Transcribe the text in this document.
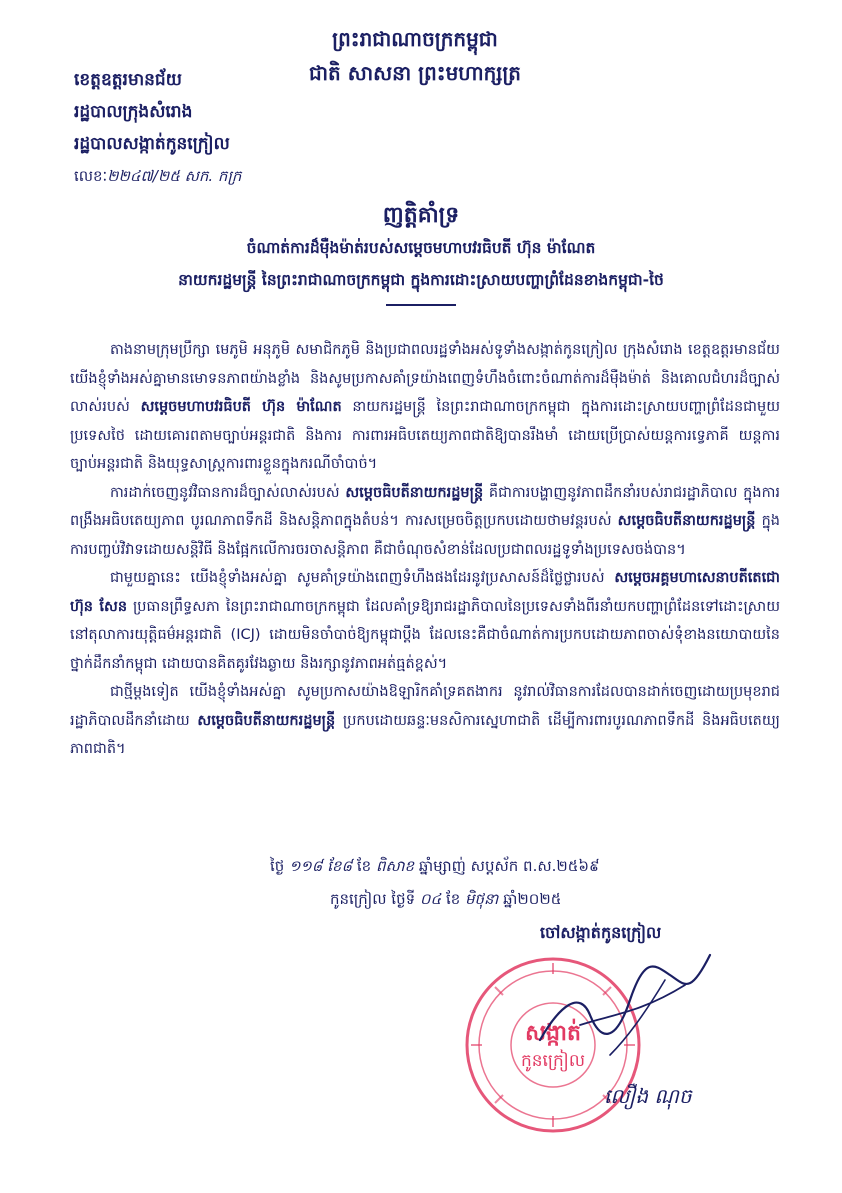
ព្រះរាជាណាចក្រកម្ពុជា
ជាតិ សាសនា ព្រះមហាក្សត្រ
ខេត្តឧត្តរមានជ័យ
រដ្ឋបាលក្រុងសំរោង
រដ្ឋបាលសង្កាត់កូនក្រៀល
លេខៈ២២៤៧/២៥ សក. កក្រ
ញត្តិគាំទ្រ
ចំណាត់ការដ៏មុឺងម៉ាត់របស់សម្តេចមហាបវរធិបតី ហ៊ុន ម៉ាណែត
នាយករដ្ឋមន្ត្រី នៃព្រះរាជាណាចក្រកម្ពុជា ក្នុងការដោះស្រាយបញ្ហាព្រំដែនខាងកម្ពុជា-ថៃ

តាងនាមក្រុមប្រឹក្សា មេភូមិ អនុភូមិ សមាជិកភូមិ និងប្រជាពលរដ្ឋទាំងអស់ទូទាំងសង្កាត់កូនក្រៀល ក្រុងសំរោង ខេត្តឧត្តរមានជ័យ យើងខ្ញុំទាំងអស់គ្នាមានមោទនភាពយ៉ាងខ្លាំង និងសូមប្រកាសគាំទ្រយ៉ាងពេញទំហឹងចំពោះចំណាត់ការដ៏មុឺងម៉ាត់ និងគោលជំហរដ៏ច្បាស់លាស់របស់ សម្តេចមហាបវរធិបតី ហ៊ុន ម៉ាណែត នាយករដ្ឋមន្ត្រី នៃព្រះរាជាណាចក្រកម្ពុជា ក្នុងការដោះស្រាយបញ្ហាព្រំដែនជាមួយប្រទេសថៃ ដោយគោរពតាមច្បាប់អន្តរជាតិ និងការ ការពារអធិបតេយ្យភាពជាតិឱ្យបានរឹងមាំ ដោយប្រើប្រាស់យន្តការទ្វេភាគី យន្តការច្បាប់អន្តរជាតិ និងយុទ្ធសាស្ត្រការពារខ្លួនក្នុងករណីចាំបាច់។

ការដាក់ចេញនូវវិធានការដ៏ច្បាស់លាស់របស់ សម្តេចធិបតីនាយករដ្ឋមន្ត្រី គឺជាការបង្ហាញនូវភាពដឹកនាំរបស់រាជរដ្ឋាភិបាល ក្នុងការពង្រឹងអធិបតេយ្យភាព បូរណភាពទឹកដី និងសន្តិភាពក្នុងតំបន់។ ការសម្រេចចិត្តប្រកបដោយថាមវន្តរបស់ សម្តេចធិបតីនាយករដ្ឋមន្ត្រី ក្នុងការបញ្ចប់វិវាទដោយសន្តិវិធី និងផ្អែកលើការចរចាសន្តិភាព គឺជាចំណុចសំខាន់ដែលប្រជាពលរដ្ឋទូទាំងប្រទេសចង់បាន។

ជាមួយគ្នានេះ យើងខ្ញុំទាំងអស់គ្នា សូមគាំទ្រយ៉ាងពេញទំហឹងផងដែរនូវប្រសាសន៍ដ៏ថ្លៃថ្លារបស់ សម្តេចអគ្គមហាសេនាបតីតេជោ ហ៊ុន សែន ប្រធានព្រឹទ្ធសភា នៃព្រះរាជាណាចក្រកម្ពុជា ដែលគាំទ្រឱ្យរាជរដ្ឋាភិបាលនៃប្រទេសទាំងពីរនាំយកបញ្ហាព្រំដែនទៅដោះស្រាយនៅតុលាការយុត្តិធម៌អន្តរជាតិ (ICJ) ដោយមិនចាំបាច់ឱ្យកម្ពុជាប្តឹង ដែលនេះគឺជាចំណាត់ការប្រកបដោយភាពចាស់ទុំខាងនយោបាយនៃថ្នាក់ដឹកនាំកម្ពុជា ដោយបានគិតគូរវែងឆ្ងាយ និងរក្សានូវភាពអត់ធ្មត់ខ្ពស់។

ជាថ្មីម្តងទៀត យើងខ្ញុំទាំងអស់គ្នា សូមប្រកាសយ៉ាងឱឡារិកគាំទ្រគតងាករ នូវរាល់វិធានការដែលបានដាក់ចេញដោយប្រមុខរាជរដ្ឋាភិបាលដឹកនាំដោយ សម្តេចធិបតីនាយករដ្ឋមន្ត្រី ប្រកបដោយឆន្ទៈមនសិការស្នេហាជាតិ ដើម្បីការពារបូរណភាពទឹកដី និងអធិបតេយ្យភាពជាតិ។

ថ្ងៃ ១១៨ ខែ៨ ខែ ពិសាខ ឆ្នាំម្សាញ់ សប្តស័ក ព.ស.២៥៦៩
កូនក្រៀល ថ្ងៃទី ០៤ ខែ មិថុនា ឆ្នាំ២០២៥
ចៅសង្កាត់កូនក្រៀល
សង្កាត់
កូនក្រៀល
លឿង ណុច
